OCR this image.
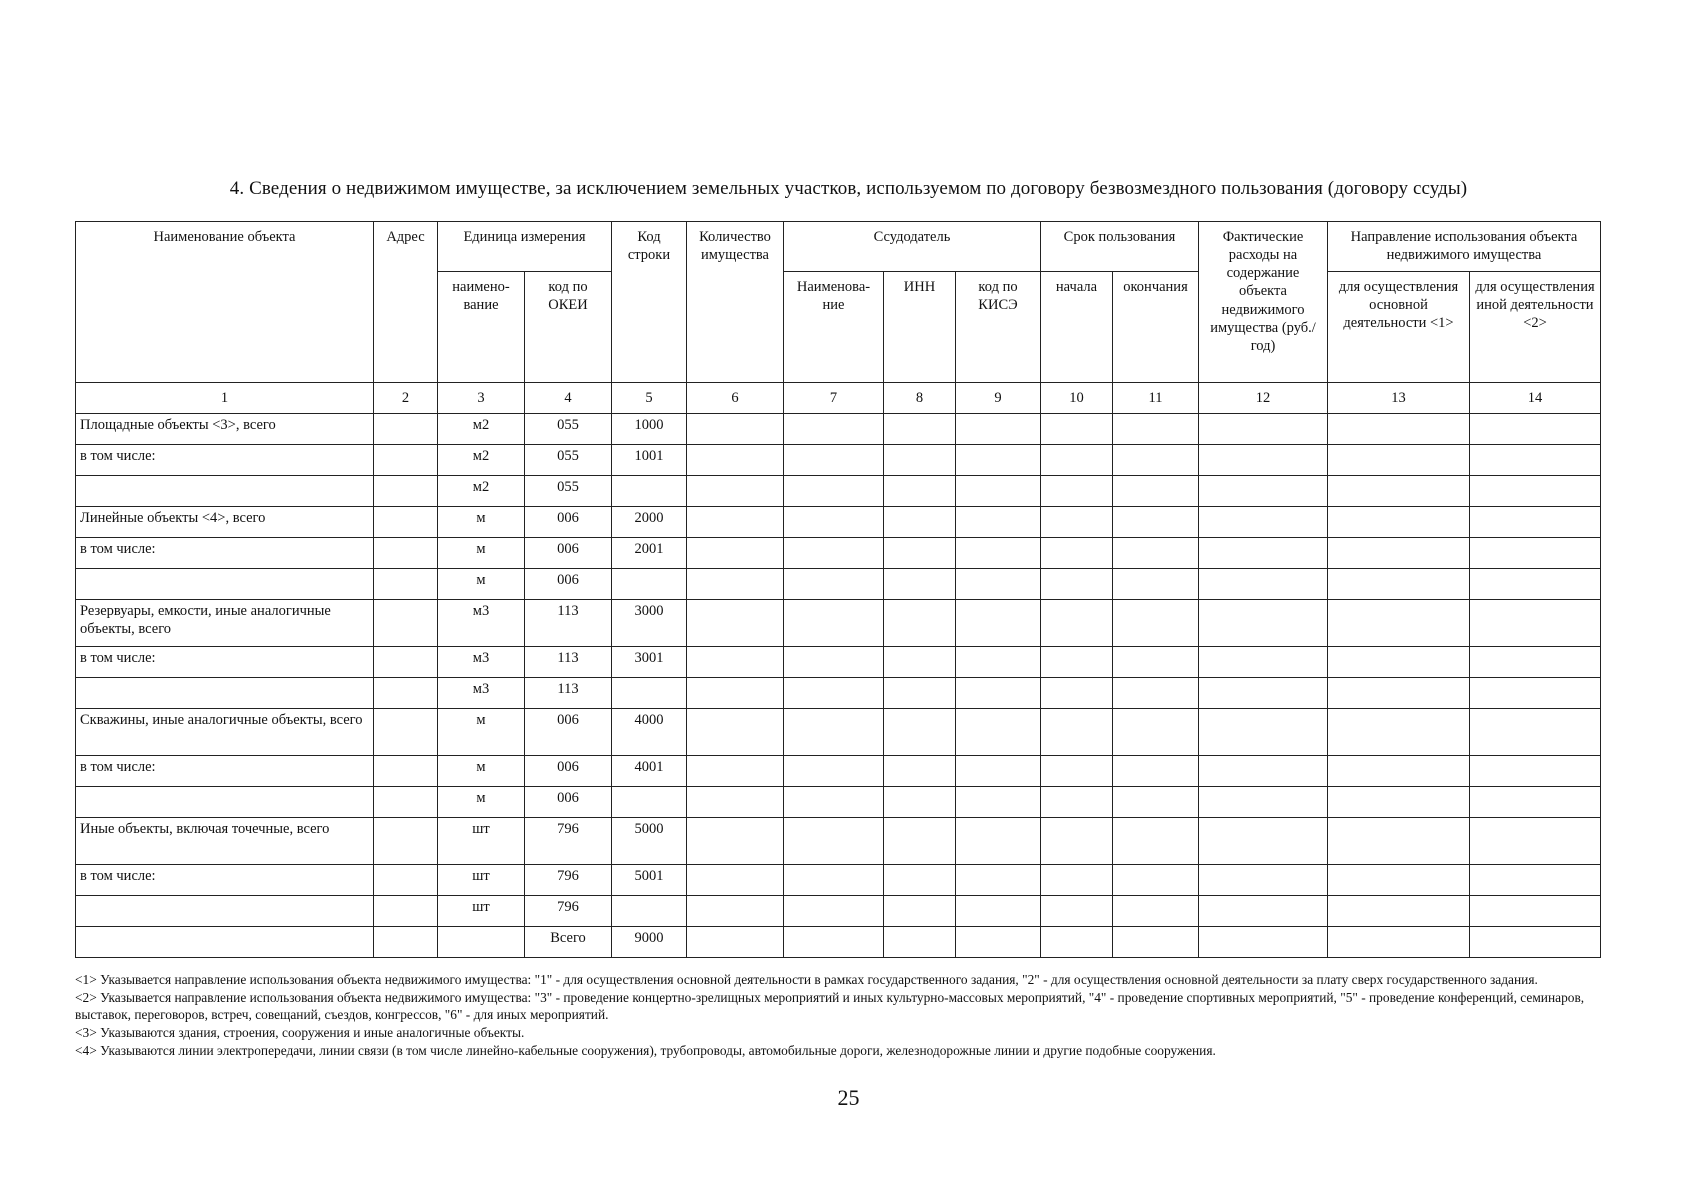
4. Сведения о недвижимом имуществе, за исключением земельных участков, используемом по договору безвозмездного пользования (договору ссуды)
Наименование объекта	Адрес	Единица измерения		Код строки	Количество имущества	Ссудодатель			Срок пользования		Фактические расходы на содержание объекта недвижимого имущества (руб./год)	Направление использования объекта недвижимого имущества	
		наимено-вание	код по ОКЕИ			Наименова-ние	ИНН	код по КИСЭ	начала	окончания		для осуществления основной деятельности <1>	для осуществления иной деятельности <2>
1	2	3	4	5	6	7	8	9	10	11	12	13	14
Площадные объекты <3>, всего		м2	055	1000									
в том числе:		м2	055	1001									
		м2	055										
Линейные объекты <4>, всего		м	006	2000									
в том числе:		м	006	2001									
		м	006										
Резервуары, емкости, иные аналогичные объекты, всего		м3	113	3000									
в том числе:		м3	113	3001									
		м3	113										
Скважины, иные аналогичные объекты, всего		м	006	4000									
в том числе:		м	006	4001									
		м	006										
Иные объекты, включая точечные, всего		шт	796	5000									
в том числе:		шт	796	5001									
		шт	796										
			Всего	9000									

<1> Указывается направление использования объекта недвижимого имущества: "1" - для осуществления основной деятельности в рамках государственного задания, "2" - для осуществления основной деятельности за плату сверх государственного задания.

<2> Указывается направление использования объекта недвижимого имущества: "3" - проведение концертно-зрелищных мероприятий и иных культурно-массовых мероприятий, "4" - проведение спортивных мероприятий, "5" - проведение конференций, семинаров, выставок, переговоров, встреч, совещаний, съездов, конгрессов, "6" - для иных мероприятий.

<3> Указываются здания, строения, сооружения и иные аналогичные объекты.

<4> Указываются линии электропередачи, линии связи (в том числе линейно-кабельные сооружения), трубопроводы, автомобильные дороги, железнодорожные линии и другие подобные сооружения.

25
